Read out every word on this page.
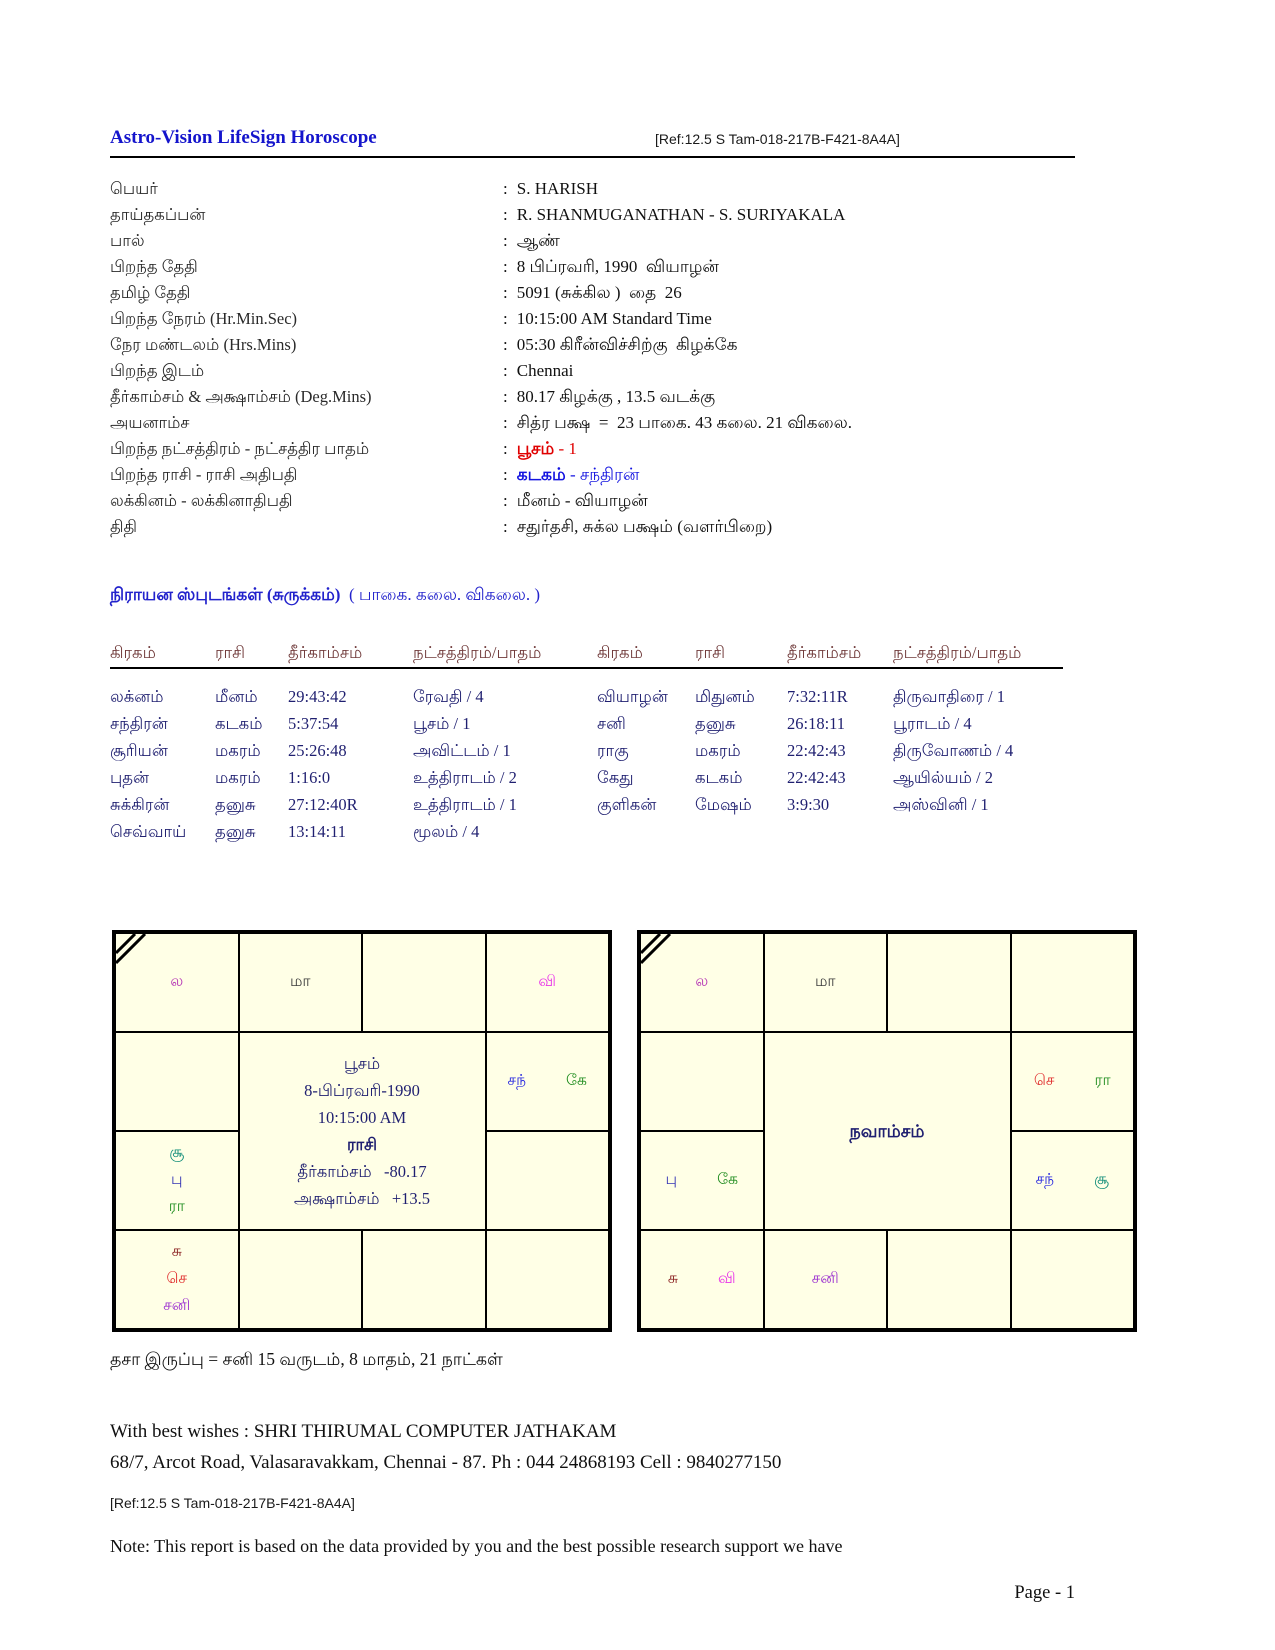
Astro-Vision LifeSign Horoscope	[Ref:12.5 S Tam-018-217B-F421-8A4A]
பெயர்	: S. HARISH
தாய்தகப்பன்	: R. SHANMUGANATHAN - S. SURIYAKALA
பால்	: ஆண்
பிறந்த தேதி	: 8 பிப்ரவரி, 1990  வியாழன்
தமிழ் தேதி	: 5091 (சுக்கில )  தை  26
பிறந்த நேரம் (Hr.Min.Sec)	: 10:15:00 AM Standard Time
நேர மண்டலம் (Hrs.Mins)	: 05:30 கிரீன்விச்சிற்கு  கிழக்கே
பிறந்த இடம்	: Chennai
தீர்காம்சம் & அக்ஷாம்சம் (Deg.Mins)	: 80.17 கிழக்கு , 13.5 வடக்கு
அயனாம்ச	: சித்ர பக்ஷ  =  23 பாகை. 43 கலை. 21 விகலை.
பிறந்த நட்சத்திரம் - நட்சத்திர பாதம்	: பூசம் - 1
பிறந்த ராசி - ராசி அதிபதி	: கடகம் - சந்திரன்
லக்கினம் - லக்கினாதிபதி	: மீனம் - வியாழன்
திதி	: சதுர்தசி, சுக்ல பக்ஷம் (வளர்பிறை)
நிராயன ஸ்புடங்கள் (சுருக்கம்) ( பாகை. கலை. விகலை. )
கிரகம்	ராசி	தீர்காம்சம்	நட்சத்திரம்/பாதம்	கிரகம்	ராசி	தீர்காம்சம்	நட்சத்திரம்/பாதம்
லக்னம்	மீனம்	29:43:42	ரேவதி / 4	வியாழன்	மிதுனம்	7:32:11R	திருவாதிரை / 1
சந்திரன்	கடகம்	5:37:54	பூசம் / 1	சனி	தனுசு	26:18:11	பூராடம் / 4
சூரியன்	மகரம்	25:26:48	அவிட்டம் / 1	ராகு	மகரம்	22:42:43	திருவோணம் / 4
புதன்	மகரம்	1:16:0	உத்திராடம் / 2	கேது	கடகம்	22:42:43	ஆயில்யம் / 2
சுக்கிரன்	தனுசு	27:12:40R	உத்திராடம் / 1	குளிகன்	மேஷம்	3:9:30	அஸ்வினி / 1
செவ்வாய்	தனுசு	13:14:11	மூலம் / 4
ல	மா	வி
பூசம்
8-பிப்ரவரி-1990
10:15:00 AM
ராசி
தீர்காம்சம்   -80.17
அக்ஷாம்சம்   +13.5
சந்	கே
சூ
பு
ரா
சு
செ
சனி
ல	மா
நவாம்சம்
செ	ரா
பு	கே	சந்	சூ
சு	வி	சனி
தசா இருப்பு = சனி 15 வருடம், 8 மாதம், 21 நாட்கள்
With best wishes : SHRI THIRUMAL COMPUTER JATHAKAM
68/7, Arcot Road, Valasaravakkam, Chennai - 87. Ph : 044 24868193 Cell : 9840277150
[Ref:12.5 S Tam-018-217B-F421-8A4A]
Note: This report is based on the data provided by you and the best possible research support we have
Page - 1
